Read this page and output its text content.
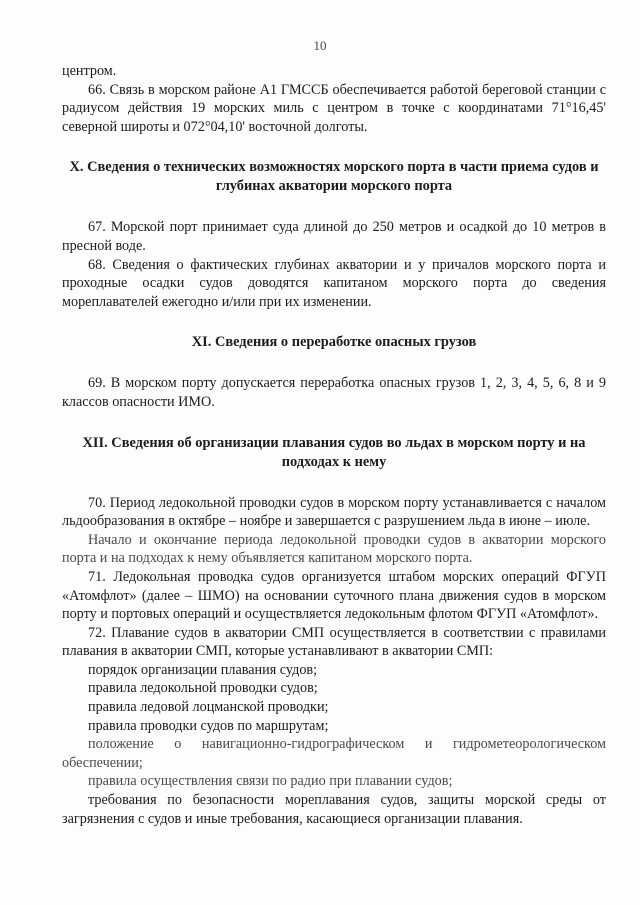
10

центром.

66. Связь в морском районе А1 ГМССБ обеспечивается работой береговой станции с радиусом действия 19 морских миль с центром в точке с координатами 71°16,45' северной широты и 072°04,10' восточной долготы.

X. Сведения о технических возможностях морского порта в части приема судов и глубинах акватории морского порта

67. Морской порт принимает суда длиной до 250 метров и осадкой до 10 метров в пресной воде.

68. Сведения о фактических глубинах акватории и у причалов морского порта и проходные осадки судов доводятся капитаном морского порта до сведения мореплавателей ежегодно и/или при их изменении.

XI. Сведения о переработке опасных грузов

69. В морском порту допускается переработка опасных грузов 1, 2, 3, 4, 5, 6, 8 и 9 классов опасности ИМО.

XII. Сведения об организации плавания судов во льдах в морском порту и на подходах к нему

70. Период ледокольной проводки судов в морском порту устанавливается с началом льдообразования в октябре – ноябре и завершается с разрушением льда в июне – июле.

Начало и окончание периода ледокольной проводки судов в акватории морского порта и на подходах к нему объявляется капитаном морского порта.

71. Ледокольная проводка судов организуется штабом морских операций ФГУП «Атомфлот» (далее – ШМО) на основании суточного плана движения судов в морском порту и портовых операций и осуществляется ледокольным флотом ФГУП «Атомфлот».

72. Плавание судов в акватории СМП осуществляется в соответствии с правилами плавания в акватории СМП, которые устанавливают в акватории СМП:

порядок организации плавания судов;

правила ледокольной проводки судов;

правила ледовой лоцманской проводки;

правила проводки судов по маршрутам;

положение о навигационно-гидрографическом и гидрометеорологическом обеспечении;

правила осуществления связи по радио при плавании судов;

требования по безопасности мореплавания судов, защиты морской среды от загрязнения с судов и иные требования, касающиеся организации плавания.
